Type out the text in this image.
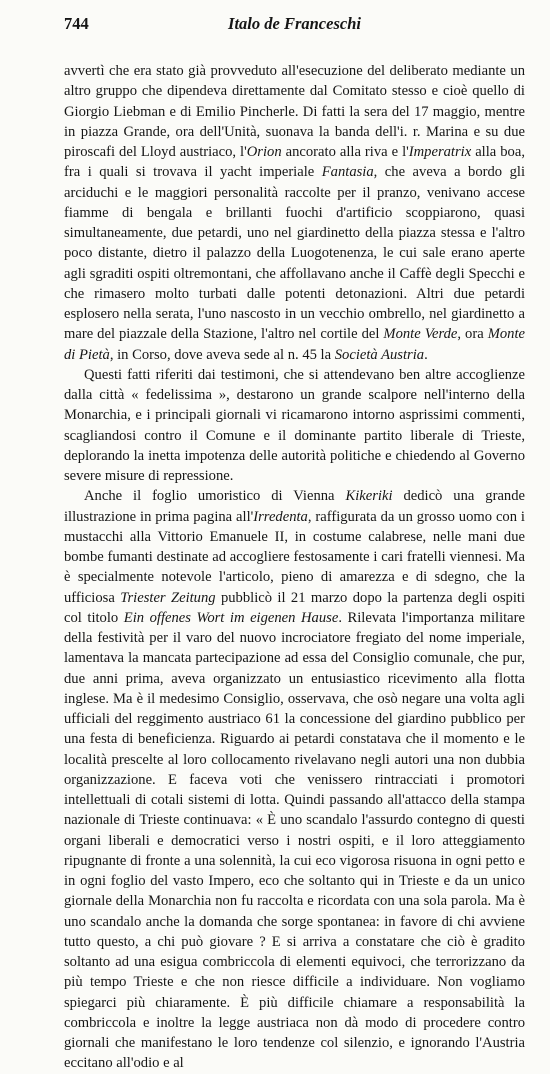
744	Italo de Franceschi

avvertì che era stato già provveduto all'esecuzione del deliberato mediante un altro gruppo che dipendeva direttamente dal Comitato stesso e cioè quello di Giorgio Liebman e di Emilio Pincherle. Di fatti la sera del 17 maggio, mentre in piazza Grande, ora dell'Unità, suonava la banda dell'i. r. Marina e su due piroscafi del Lloyd austriaco, l'Orion ancorato alla riva e l'Imperatrix alla boa, fra i quali si trovava il yacht imperiale Fantasia, che aveva a bordo gli arciduchi e le maggiori personalità raccolte per il pranzo, venivano accese fiamme di bengala e brillanti fuochi d'artificio scoppiarono, quasi simultaneamente, due petardi, uno nel giardinetto della piazza stessa e l'altro poco distante, dietro il palazzo della Luogotenenza, le cui sale erano aperte agli sgraditi ospiti oltremontani, che affollavano anche il Caffè degli Specchi e che rimasero molto turbati dalle potenti detonazioni. Altri due petardi esplosero nella serata, l'uno nascosto in un vecchio ombrello, nel giardinetto a mare del piazzale della Stazione, l'altro nel cortile del Monte Verde, ora Monte di Pietà, in Corso, dove aveva sede al n. 45 la Società Austria.

Questi fatti riferiti dai testimoni, che si attendevano ben altre accoglienze dalla città « fedelissima », destarono un grande scalpore nell'interno della Monarchia, e i principali giornali vi ricamarono intorno asprissimi commenti, scagliandosi contro il Comune e il dominante partito liberale di Trieste, deplorando la inetta impotenza delle autorità politiche e chiedendo al Governo severe misure di repressione.

Anche il foglio umoristico di Vienna Kikeriki dedicò una grande illustrazione in prima pagina all'Irredenta, raffigurata da un grosso uomo con i mustacchi alla Vittorio Emanuele II, in costume calabrese, nelle mani due bombe fumanti destinate ad accogliere festosamente i cari fratelli viennesi. Ma è specialmente notevole l'articolo, pieno di amarezza e di sdegno, che la ufficiosa Triester Zeitung pubblicò il 21 marzo dopo la partenza degli ospiti col titolo Ein offenes Wort im eigenen Hause. Rilevata l'importanza militare della festività per il varo del nuovo incrociatore fregiato del nome imperiale, lamentava la mancata partecipazione ad essa del Consiglio comunale, che pur, due anni prima, aveva organizzato un entusiastico ricevimento alla flotta inglese. Ma è il medesimo Consiglio, osservava, che osò negare una volta agli ufficiali del reggimento austriaco 61 la concessione del giardino pubblico per una festa di beneficienza. Riguardo ai petardi constatava che il momento e le località prescelte al loro collocamento rivelavano negli autori una non dubbia organizzazione. E faceva voti che venissero rintracciati i promotori intellettuali di cotali sistemi di lotta. Quindi passando all'attacco della stampa nazionale di Trieste continuava: « È uno scandalo l'assurdo contegno di questi organi liberali e democratici verso i nostri ospiti, e il loro atteggiamento ripugnante di fronte a una solennità, la cui eco vigorosa risuona in ogni petto e in ogni foglio del vasto Impero, eco che soltanto qui in Trieste e da un unico giornale della Monarchia non fu raccolta e ricordata con una sola parola. Ma è uno scandalo anche la domanda che sorge spontanea: in favore di chi avviene tutto questo, a chi può giovare ? E si arriva a constatare che ciò è gradito soltanto ad una esigua combriccola di elementi equivoci, che terrorizzano da più tempo Trieste e che non riesce difficile a individuare. Non vogliamo spiegarci più chiaramente. È più difficile chiamare a responsabilità la combriccola e inoltre la legge austriaca non dà modo di procedere contro giornali che manifestano le loro tendenze col silenzio, e ignorando l'Austria eccitano all'odio e al
